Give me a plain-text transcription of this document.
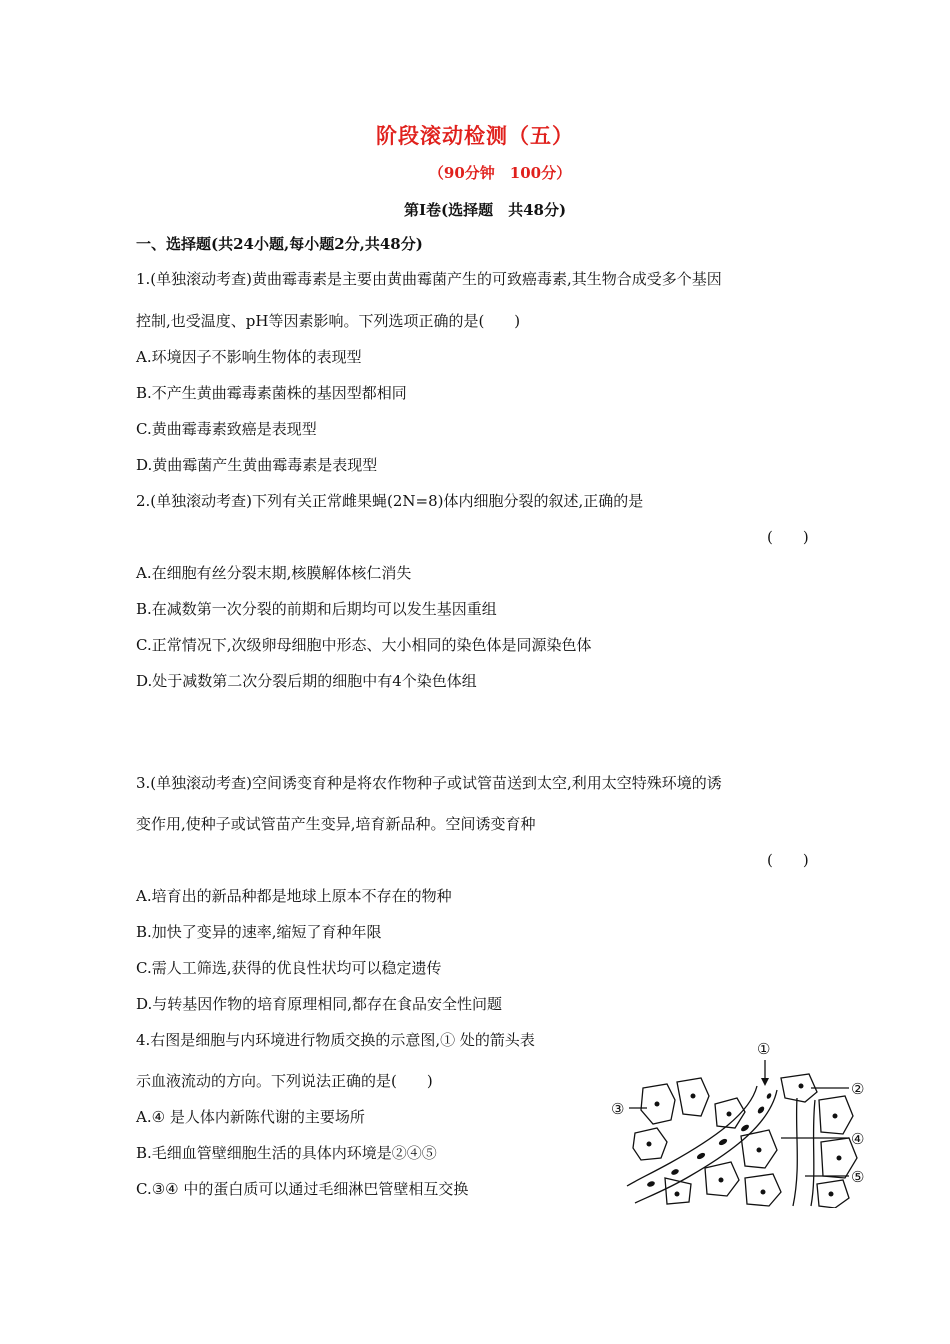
阶段滚动检测（五）
（90分钟　100分）
第Ⅰ卷(选择题　共48分)
一、选择题(共24小题,每小题2分,共48分)
1.(单独滚动考查)黄曲霉毒素是主要由黄曲霉菌产生的可致癌毒素,其生物合成受多个基因
控制,也受温度、pH等因素影响。下列选项正确的是(　　)
A.环境因子不影响生物体的表现型
B.不产生黄曲霉毒素菌株的基因型都相同
C.黄曲霉毒素致癌是表现型
D.黄曲霉菌产生黄曲霉毒素是表现型
2.(单独滚动考查)下列有关正常雌果蝇(2N=8)体内细胞分裂的叙述,正确的是
(　　)
A.在细胞有丝分裂末期,核膜解体核仁消失
B.在减数第一次分裂的前期和后期均可以发生基因重组
C.正常情况下,次级卵母细胞中形态、大小相同的染色体是同源染色体
D.处于减数第二次分裂后期的细胞中有4个染色体组
3.(单独滚动考查)空间诱变育种是将农作物种子或试管苗送到太空,利用太空特殊环境的诱
变作用,使种子或试管苗产生变异,培育新品种。空间诱变育种
(　　)
A.培育出的新品种都是地球上原本不存在的物种
B.加快了变异的速率,缩短了育种年限
C.需人工筛选,获得的优良性状均可以稳定遗传
D.与转基因作物的培育原理相同,都存在食品安全性问题
4.右图是细胞与内环境进行物质交换的示意图,① 处的箭头表
示血液流动的方向。下列说法正确的是(　　)
A.④ 是人体内新陈代谢的主要场所
B.毛细血管壁细胞生活的具体内环境是②④⑤
C.③④ 中的蛋白质可以通过毛细淋巴管壁相互交换
①
②
③
④
⑤
